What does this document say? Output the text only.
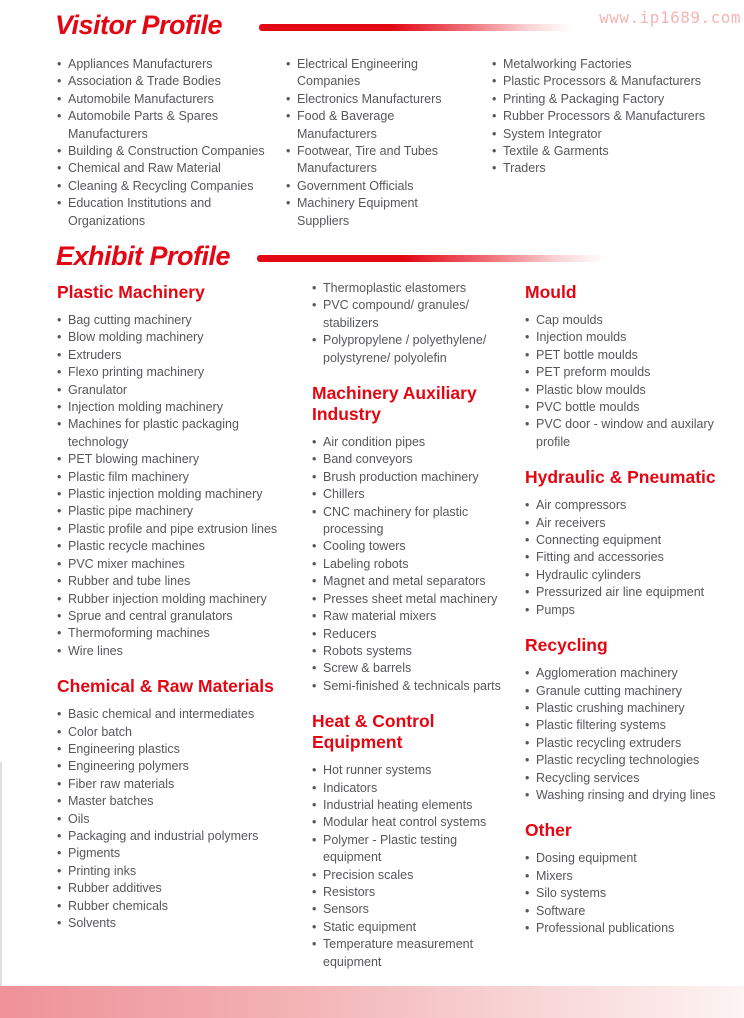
www.ip1689.com
Visitor Profile
• Appliances Manufacturers
• Association & Trade Bodies
• Automobile Manufacturers
• Automobile Parts & Spares Manufacturers
• Building & Construction Companies
• Chemical and Raw Material
• Cleaning & Recycling Companies
• Education Institutions and Organizations
• Electrical Engineering Companies
• Electronics Manufacturers
• Food & Baverage Manufacturers
• Footwear, Tire and Tubes Manufacturers
• Government Officials
• Machinery Equipment Suppliers
• Metalworking Factories
• Plastic Processors & Manufacturers
• Printing & Packaging Factory
• Rubber Processors & Manufacturers
• System Integrator
• Textile & Garments
• Traders
Exhibit Profile
Plastic Machinery
• Bag cutting machinery
• Blow molding machinery
• Extruders
• Flexo printing machinery
• Granulator
• Injection molding machinery
• Machines for plastic packaging technology
• PET blowing machinery
• Plastic film machinery
• Plastic injection molding machinery
• Plastic pipe machinery
• Plastic profile and pipe extrusion lines
• Plastic recycle machines
• PVC mixer machines
• Rubber and tube lines
• Rubber injection molding machinery
• Sprue and central granulators
• Thermoforming machines
• Wire lines
Chemical & Raw Materials
• Basic chemical and intermediates
• Color batch
• Engineering plastics
• Engineering polymers
• Fiber raw materials
• Master batches
• Oils
• Packaging and industrial polymers
• Pigments
• Printing inks
• Rubber additives
• Rubber chemicals
• Solvents
• Thermoplastic elastomers
• PVC compound/ granules/ stabilizers
• Polypropylene / polyethylene/ polystyrene/ polyolefin
Machinery Auxiliary Industry
• Air condition pipes
• Band conveyors
• Brush production machinery
• Chillers
• CNC machinery for plastic processing
• Cooling towers
• Labeling robots
• Magnet and metal separators
• Presses sheet metal machinery
• Raw material mixers
• Reducers
• Robots systems
• Screw & barrels
• Semi-finished & technicals parts
Heat & Control Equipment
• Hot runner systems
• Indicators
• Industrial heating elements
• Modular heat control systems
• Polymer - Plastic testing equipment
• Precision scales
• Resistors
• Sensors
• Static equipment
• Temperature measurement equipment
Mould
• Cap moulds
• Injection moulds
• PET bottle moulds
• PET preform moulds
• Plastic blow moulds
• PVC bottle moulds
• PVC door - window and auxilary profile
Hydraulic & Pneumatic
• Air compressors
• Air receivers
• Connecting equipment
• Fitting and accessories
• Hydraulic cylinders
• Pressurized air line equipment
• Pumps
Recycling
• Agglomeration machinery
• Granule cutting machinery
• Plastic crushing machinery
• Plastic filtering systems
• Plastic recycling extruders
• Plastic recycling technologies
• Recycling services
• Washing rinsing and drying lines
Other
• Dosing equipment
• Mixers
• Silo systems
• Software
• Professional publications
